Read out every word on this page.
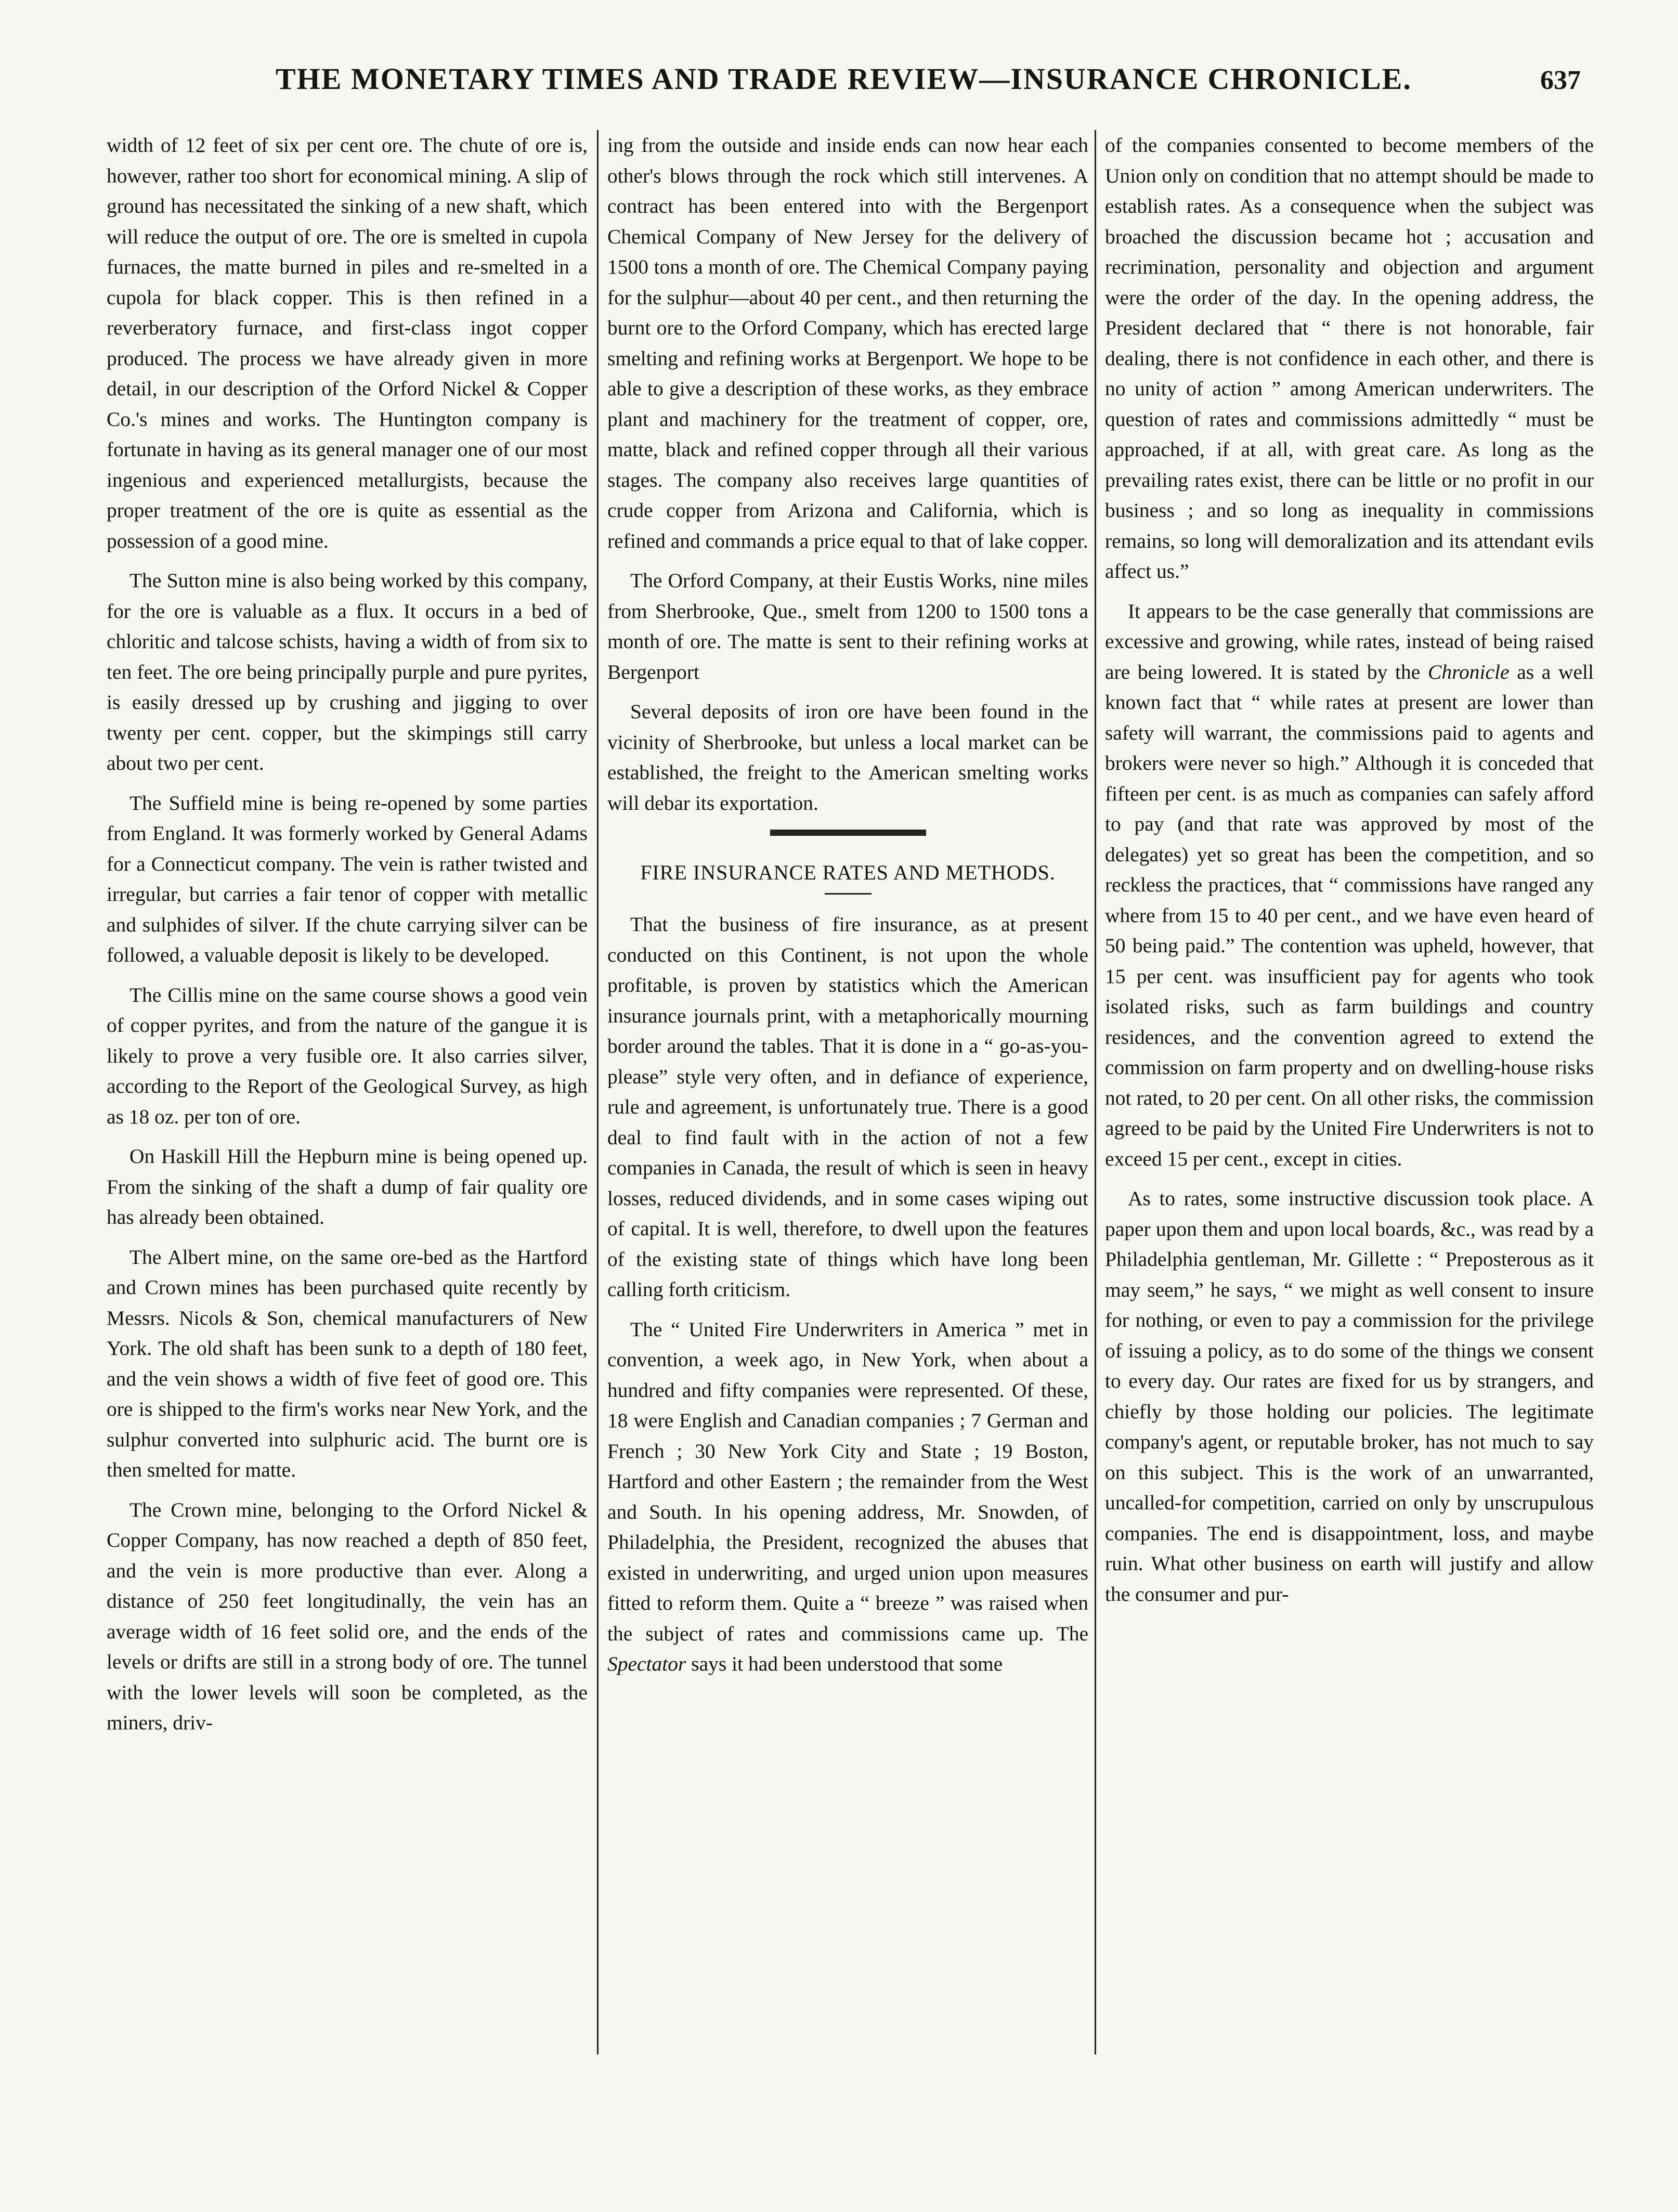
THE MONETARY TIMES AND TRADE REVIEW—INSURANCE CHRONICLE.	637

width of 12 feet of six per cent ore. The chute of ore is, however, rather too short for economical mining. A slip of ground has necessitated the sinking of a new shaft, which will reduce the output of ore. The ore is smelted in cupola furnaces, the matte burned in piles and re-smelted in a cupola for black copper. This is then refined in a reverberatory furnace, and first-class ingot copper produced. The process we have already given in more detail, in our description of the Orford Nickel & Copper Co.'s mines and works. The Huntington company is fortunate in having as its general manager one of our most ingenious and experienced metallurgists, because the proper treatment of the ore is quite as essential as the possession of a good mine.

The Sutton mine is also being worked by this company, for the ore is valuable as a flux. It occurs in a bed of chloritic and talcose schists, having a width of from six to ten feet. The ore being principally purple and pure pyrites, is easily dressed up by crushing and jigging to over twenty per cent. copper, but the skimpings still carry about two per cent.

The Suffield mine is being re-opened by some parties from England. It was formerly worked by General Adams for a Connecticut company. The vein is rather twisted and irregular, but carries a fair tenor of copper with metallic and sulphides of silver. If the chute carrying silver can be followed, a valuable deposit is likely to be developed.

The Cillis mine on the same course shows a good vein of copper pyrites, and from the nature of the gangue it is likely to prove a very fusible ore. It also carries silver, according to the Report of the Geological Survey, as high as 18 oz. per ton of ore.

On Haskill Hill the Hepburn mine is being opened up. From the sinking of the shaft a dump of fair quality ore has already been obtained.

The Albert mine, on the same ore-bed as the Hartford and Crown mines has been purchased quite recently by Messrs. Nicols & Son, chemical manufacturers of New York. The old shaft has been sunk to a depth of 180 feet, and the vein shows a width of five feet of good ore. This ore is shipped to the firm's works near New York, and the sulphur converted into sulphuric acid. The burnt ore is then smelted for matte.

The Crown mine, belonging to the Orford Nickel & Copper Company, has now reached a depth of 850 feet, and the vein is more productive than ever. Along a distance of 250 feet longitudinally, the vein has an average width of 16 feet solid ore, and the ends of the levels or drifts are still in a strong body of ore. The tunnel with the lower levels will soon be completed, as the miners, driv-

ing from the outside and inside ends can now hear each other's blows through the rock which still intervenes. A contract has been entered into with the Bergenport Chemical Company of New Jersey for the delivery of 1500 tons a month of ore. The Chemical Company paying for the sulphur—about 40 per cent., and then returning the burnt ore to the Orford Company, which has erected large smelting and refining works at Bergenport. We hope to be able to give a description of these works, as they embrace plant and machinery for the treatment of copper, ore, matte, black and refined copper through all their various stages. The company also receives large quantities of crude copper from Arizona and California, which is refined and commands a price equal to that of lake copper.

The Orford Company, at their Eustis Works, nine miles from Sherbrooke, Que., smelt from 1200 to 1500 tons a month of ore. The matte is sent to their refining works at Bergenport

Several deposits of iron ore have been found in the vicinity of Sherbrooke, but unless a local market can be established, the freight to the American smelting works will debar its exportation.

FIRE INSURANCE RATES AND METHODS.

That the business of fire insurance, as at present conducted on this Continent, is not upon the whole profitable, is proven by statistics which the American insurance journals print, with a metaphorically mourning border around the tables. That it is done in a “ go-as-you-please” style very often, and in defiance of experience, rule and agreement, is unfortunately true. There is a good deal to find fault with in the action of not a few companies in Canada, the result of which is seen in heavy losses, reduced dividends, and in some cases wiping out of capital. It is well, therefore, to dwell upon the features of the existing state of things which have long been calling forth criticism.

The “ United Fire Underwriters in America ” met in convention, a week ago, in New York, when about a hundred and fifty companies were represented. Of these, 18 were English and Canadian companies ; 7 German and French ; 30 New York City and State ; 19 Boston, Hartford and other Eastern ; the remainder from the West and South. In his opening address, Mr. Snowden, of Philadelphia, the President, recognized the abuses that existed in underwriting, and urged union upon measures fitted to reform them. Quite a “ breeze ” was raised when the subject of rates and commissions came up. The Spectator says it had been understood that some

of the companies consented to become members of the Union only on condition that no attempt should be made to establish rates. As a consequence when the subject was broached the discussion became hot ; accusation and recrimination, personality and objection and argument were the order of the day. In the opening address, the President declared that “ there is not honorable, fair dealing, there is not confidence in each other, and there is no unity of action ” among American underwriters. The question of rates and commissions admittedly “ must be approached, if at all, with great care. As long as the prevailing rates exist, there can be little or no profit in our business ; and so long as inequality in commissions remains, so long will demoralization and its attendant evils affect us.”

It appears to be the case generally that commissions are excessive and growing, while rates, instead of being raised are being lowered. It is stated by the Chronicle as a well known fact that “ while rates at present are lower than safety will warrant, the commissions paid to agents and brokers were never so high.” Although it is conceded that fifteen per cent. is as much as companies can safely afford to pay (and that rate was approved by most of the delegates) yet so great has been the competition, and so reckless the practices, that “ commissions have ranged any where from 15 to 40 per cent., and we have even heard of 50 being paid.” The contention was upheld, however, that 15 per cent. was insufficient pay for agents who took isolated risks, such as farm buildings and country residences, and the convention agreed to extend the commission on farm property and on dwelling-house risks not rated, to 20 per cent. On all other risks, the commission agreed to be paid by the United Fire Underwriters is not to exceed 15 per cent., except in cities.

As to rates, some instructive discussion took place. A paper upon them and upon local boards, &c., was read by a Philadelphia gentleman, Mr. Gillette : “ Preposterous as it may seem,” he says, “ we might as well consent to insure for nothing, or even to pay a commission for the privilege of issuing a policy, as to do some of the things we consent to every day. Our rates are fixed for us by strangers, and chiefly by those holding our policies. The legitimate company's agent, or reputable broker, has not much to say on this subject. This is the work of an unwarranted, uncalled-for competition, carried on only by unscrupulous companies. The end is disappointment, loss, and maybe ruin. What other business on earth will justify and allow the consumer and pur-
